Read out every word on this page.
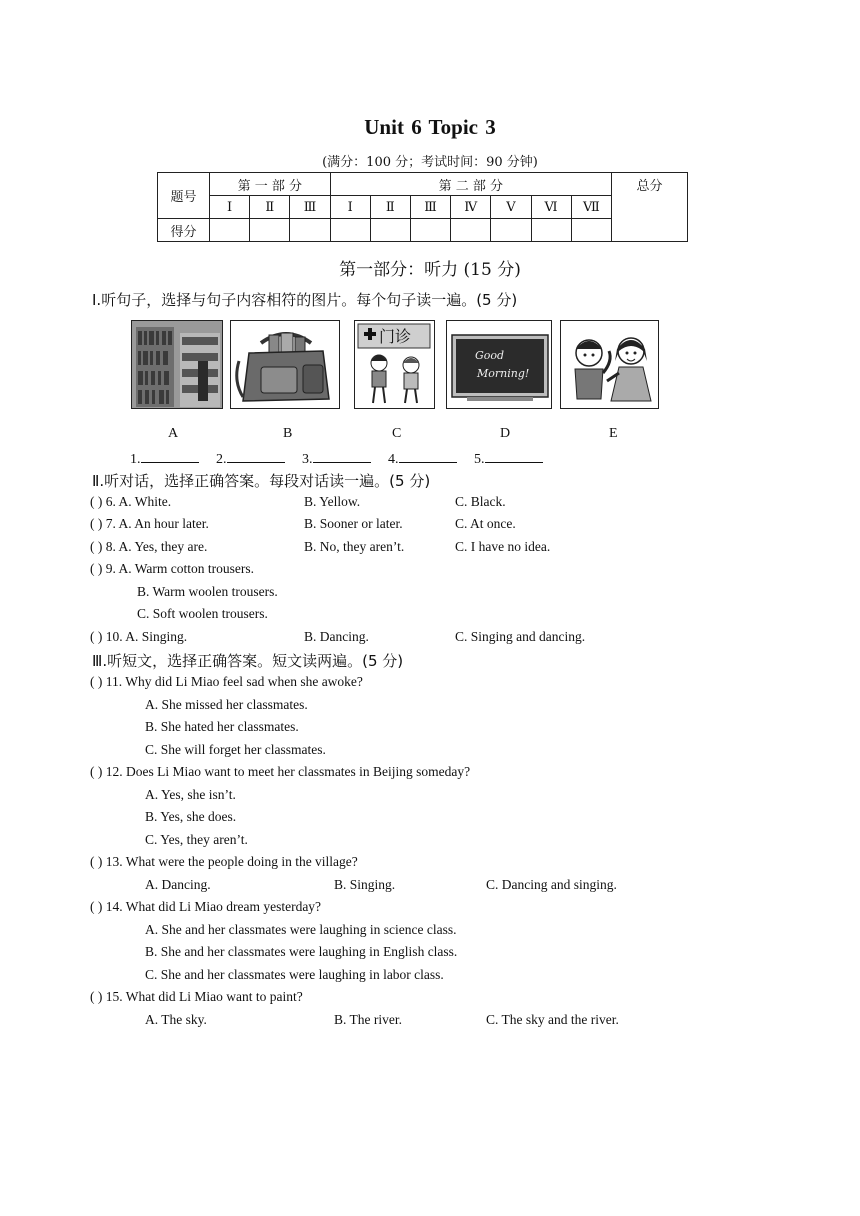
Unit 6 Topic 3
(满分：100 分；考试时间：90 分钟)
题号	第 一 部 分			第 二 部 分							总分
	Ⅰ	Ⅱ	Ⅲ	Ⅰ	Ⅱ	Ⅲ	Ⅳ	Ⅴ	Ⅵ	Ⅶ	
得分											
第一部分：听力 (15 分)
Ⅰ.听句子，选择与句子内容相符的图片。每个句子读一遍。(5 分)
门诊
Good
Morning!
A	B	C	D	E
1.	2.	3.	4.	5.
Ⅱ.听对话，选择正确答案。每段对话读一遍。(5 分)
( ) 6. A. White.	B. Yellow.	C. Black.
( ) 7. A. An hour later.	B. Sooner or later.	C. At once.
( ) 8. A. Yes, they are.	B. No, they aren’t.	C. I have no idea.
( ) 9. A. Warm cotton trousers.
B. Warm woolen trousers.
C. Soft woolen trousers.
( ) 10. A. Singing.	B. Dancing.	C. Singing and dancing.
Ⅲ.听短文，选择正确答案。短文读两遍。(5 分)
( ) 11. Why did Li Miao feel sad when she awoke?
A. She missed her classmates.
B. She hated her classmates.
C. She will forget her classmates.
( ) 12. Does Li Miao want to meet her classmates in Beijing someday?
A. Yes, she isn’t.
B. Yes, she does.
C. Yes, they aren’t.
( ) 13. What were the people doing in the village?
A. Dancing.	B. Singing.	C. Dancing and singing.
( ) 14. What did Li Miao dream yesterday?
A. She and her classmates were laughing in science class.
B. She and her classmates were laughing in English class.
C. She and her classmates were laughing in labor class.
( ) 15. What did Li Miao want to paint?
A. The sky.	B. The river.	C. The sky and the river.
